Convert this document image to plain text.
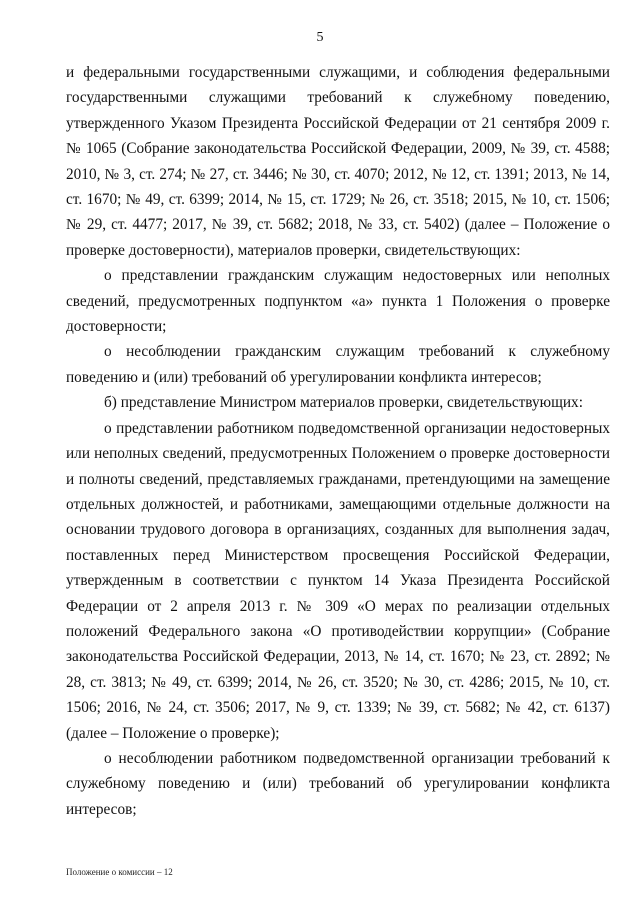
5

и федеральными государственными служащими, и соблюдения федеральными государственными служащими требований к служебному поведению, утвержденного Указом Президента Российской Федерации от 21 сентября 2009 г. № 1065 (Собрание законодательства Российской Федерации, 2009, № 39, ст. 4588; 2010, № 3, ст. 274; № 27, ст. 3446; № 30, ст. 4070; 2012, № 12, ст. 1391; 2013, № 14, ст. 1670; № 49, ст. 6399; 2014, № 15, ст. 1729; № 26, ст. 3518; 2015, № 10, ст. 1506; № 29, ст. 4477; 2017, № 39, ст. 5682; 2018, № 33, ст. 5402) (далее – Положение о проверке достоверности), материалов проверки, свидетельствующих:

о представлении гражданским служащим недостоверных или неполных сведений, предусмотренных подпунктом «а» пункта 1 Положения о проверке достоверности;

о несоблюдении гражданским служащим требований к служебному поведению и (или) требований об урегулировании конфликта интересов;

б) представление Министром материалов проверки, свидетельствующих:

о представлении работником подведомственной организации недостоверных или неполных сведений, предусмотренных Положением о проверке достоверности и полноты сведений, представляемых гражданами, претендующими на замещение отдельных должностей, и работниками, замещающими отдельные должности на основании трудового договора в организациях, созданных для выполнения задач, поставленных перед Министерством просвещения Российской Федерации, утвержденным в соответствии с пунктом 14 Указа Президента Российской Федерации от 2 апреля 2013 г. № 309 «О мерах по реализации отдельных положений Федерального закона «О противодействии коррупции» (Собрание законодательства Российской Федерации, 2013, № 14, ст. 1670; № 23, ст. 2892; № 28, ст. 3813; № 49, ст. 6399; 2014, № 26, ст. 3520; № 30, ст. 4286; 2015, № 10, ст. 1506; 2016, № 24, ст. 3506; 2017, № 9, ст. 1339; № 39, ст. 5682; № 42, ст. 6137) (далее – Положение о проверке);

о несоблюдении работником подведомственной организации требований к служебному поведению и (или) требований об урегулировании конфликта интересов;

Положение о комиссии – 12
